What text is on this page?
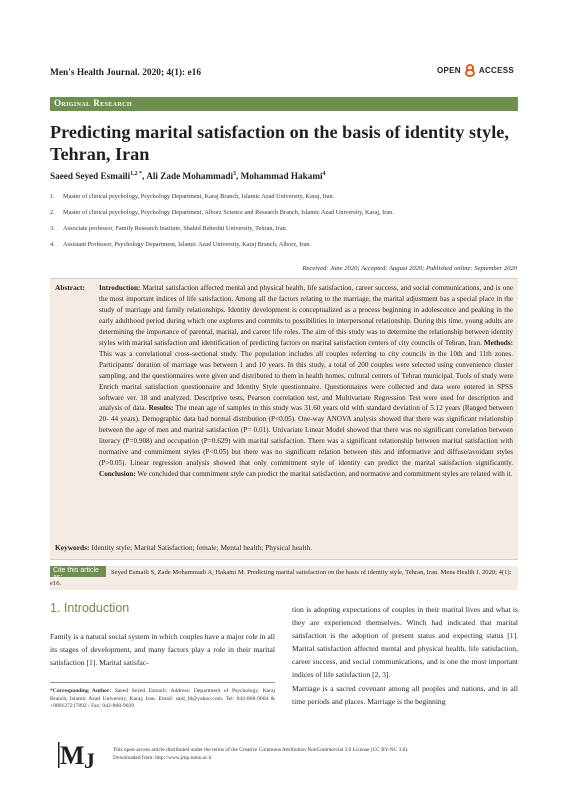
Men's Health Journal. 2020; 4(1): e16	OPEN ACCESS
Original Research
Predicting marital satisfaction on the basis of identity style, Tehran, Iran
Saeed Seyed Esmaili$^{1,2 *}$, Ali Zade Mohammadi$^3$, Mohammad Hakami$^4$
1. Master of clinical psychology, Psychology Department, Karaj Branch, Islamic Azad University, Karaj, Iran.
2. Master of clinical psychology, Psychology Department, Alborz Science and Research Branch, Islamic Azad University, Karaj, Iran.
3. Associate professor, Family Research Institute, Shahid Beheshti University, Tehran, Iran.
4. Assistant Professor, Psychology Department, Islamic Azad University, Karaj Branch, Alborz, Iran.
Received: June 2020; Accepted: August 2020; Published online: September 2020
Abstract: Introduction: Marital satisfaction affected mental and physical health, life satisfaction, career success, and social communications, and is one the most important indices of life satisfaction. Among all the factors relating to the marriage, the marital adjustment has a special place in the study of marriage and family relationships. Identity development is conceptualized as a process beginning in adolescence and peaking in the early adulthood period during which one explores and commits to possibilities in interpersonal relationship. During this time, young adults are determining the importance of parental, marital, and career life roles. The aim of this study was to determine the relationship between identity styles with marital satisfaction and identification of predicting factors on marital satisfaction centers of city councils of Tehran, Iran. Methods: This was a correlational cross-sectional study. The population includes all couples referring to city councils in the 10th and 11th zones. Participants' duration of marriage was between 1 and 10 years. In this study, a total of 200 couples were selected using convenience cluster sampling, and the questionnaires were given and distributed to them in health homes, cultural centers of Tehran municipal. Tools of study were Enrich marital satisfaction questionnaire and Identity Style questionnaire. Questionnaires were collected and data were entered in SPSS software ver. 18 and analyzed. Descriptive tests, Pearson correlation test, and Multivariate Regression Test were used for description and analysis of data. Results: The mean age of samples in this study was 31.60 years old with standard deviation of 5.12 years (Ranged between 20- 44 years). Demographic data had normal distribution (P<0.05). One-way ANOVA analysis showed that there was significant relationship between the age of men and marital satisfaction (P= 0.01). Univariate Linear Model showed that there was no significant correlation between literacy (P=0.908) and occupation (P=0.629) with marital satisfaction. There was a significant relationship between marital satisfaction with normative and commitment styles (P<0.05) but there was no significant relation between this and informative and diffuse/avoidant styles (P>0.05). Linear regression analysis showed that only commitment style of identity can predict the marital satisfaction significantly. Conclusion: We concluded that commitment style can predict the marital satisfaction, and normative and commitment styles are related with it.
Keywords: Identity style; Marital Satisfaction; female; Mental health; Physical health.
Cite this article as:
Seyed Esmaili S, Zade Mohammadi A, Hakami M. Predicting marital satisfaction on the basis of identity style, Tehran, Iran. Mens Health J. 2020; 4(1): e16.
1. Introduction
Family is a natural social system in which couples have a major role in all its stages of development, and many factors play a role in their marital satisfaction [1]. Marital satisfac-

tion is adopting expectations of couples in their marital lives and what is they are experienced themselves. Winch had indicated that marital satisfaction is the adoption of present status and expecting status [1]. Marital satisfaction affected mental and physical health, life satisfaction, career success, and social communications, and is one the most important indices of life satisfaction [2, 3].

Marriage is a sacred covenant among all peoples and nations, and in all time periods and places. Marriage is the beginning

*Corresponding Author: Saeed Seyed Esmaili; Address: Department of Psychology, Karaj Branch, Islamic Azad University, Karaj, Iran. Email: said_fd@yahoo.com. Tel: 042-868-9004 & +989127217892 / Fax: 042-868-9039
M J	This open-access article distributed under the terms of the Creative Commons Attribution NonCommercial 3.0 License (CC BY-NC 3.0).
Downloaded from: http://www.jmp.iums.ac.ir
